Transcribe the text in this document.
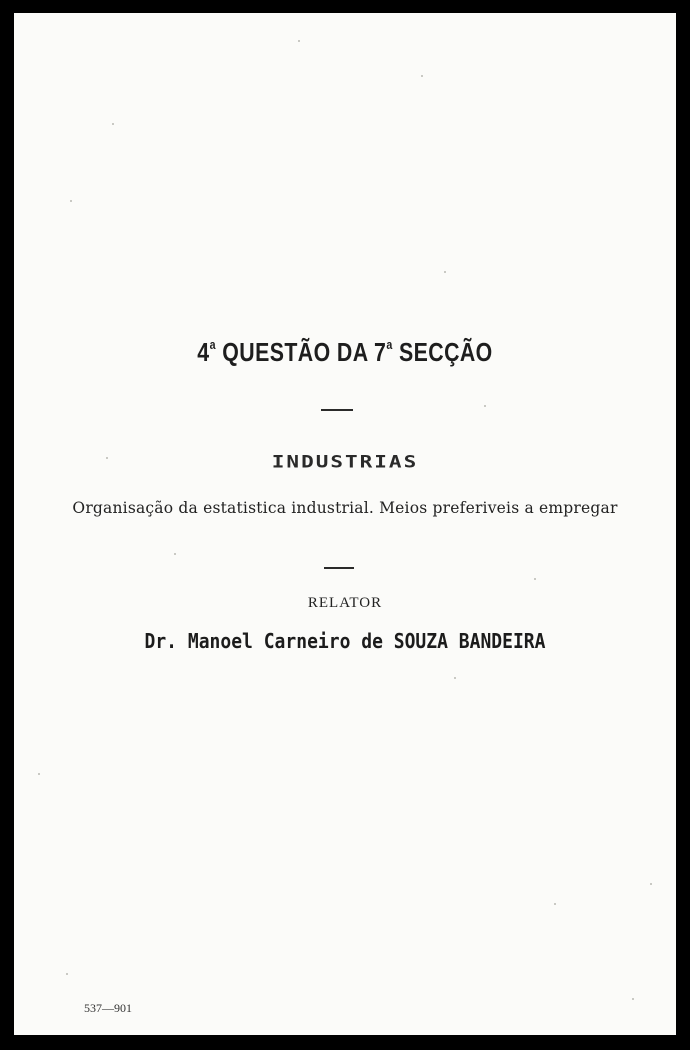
4$^a$ QUESTÃO DA 7$^a$ SECÇÃO
INDUSTRIAS
Organisação da estatistica industrial. Meios preferiveis a empregar
RELATOR
Dr. Manoel Carneiro de SOUZA BANDEIRA
537—901
